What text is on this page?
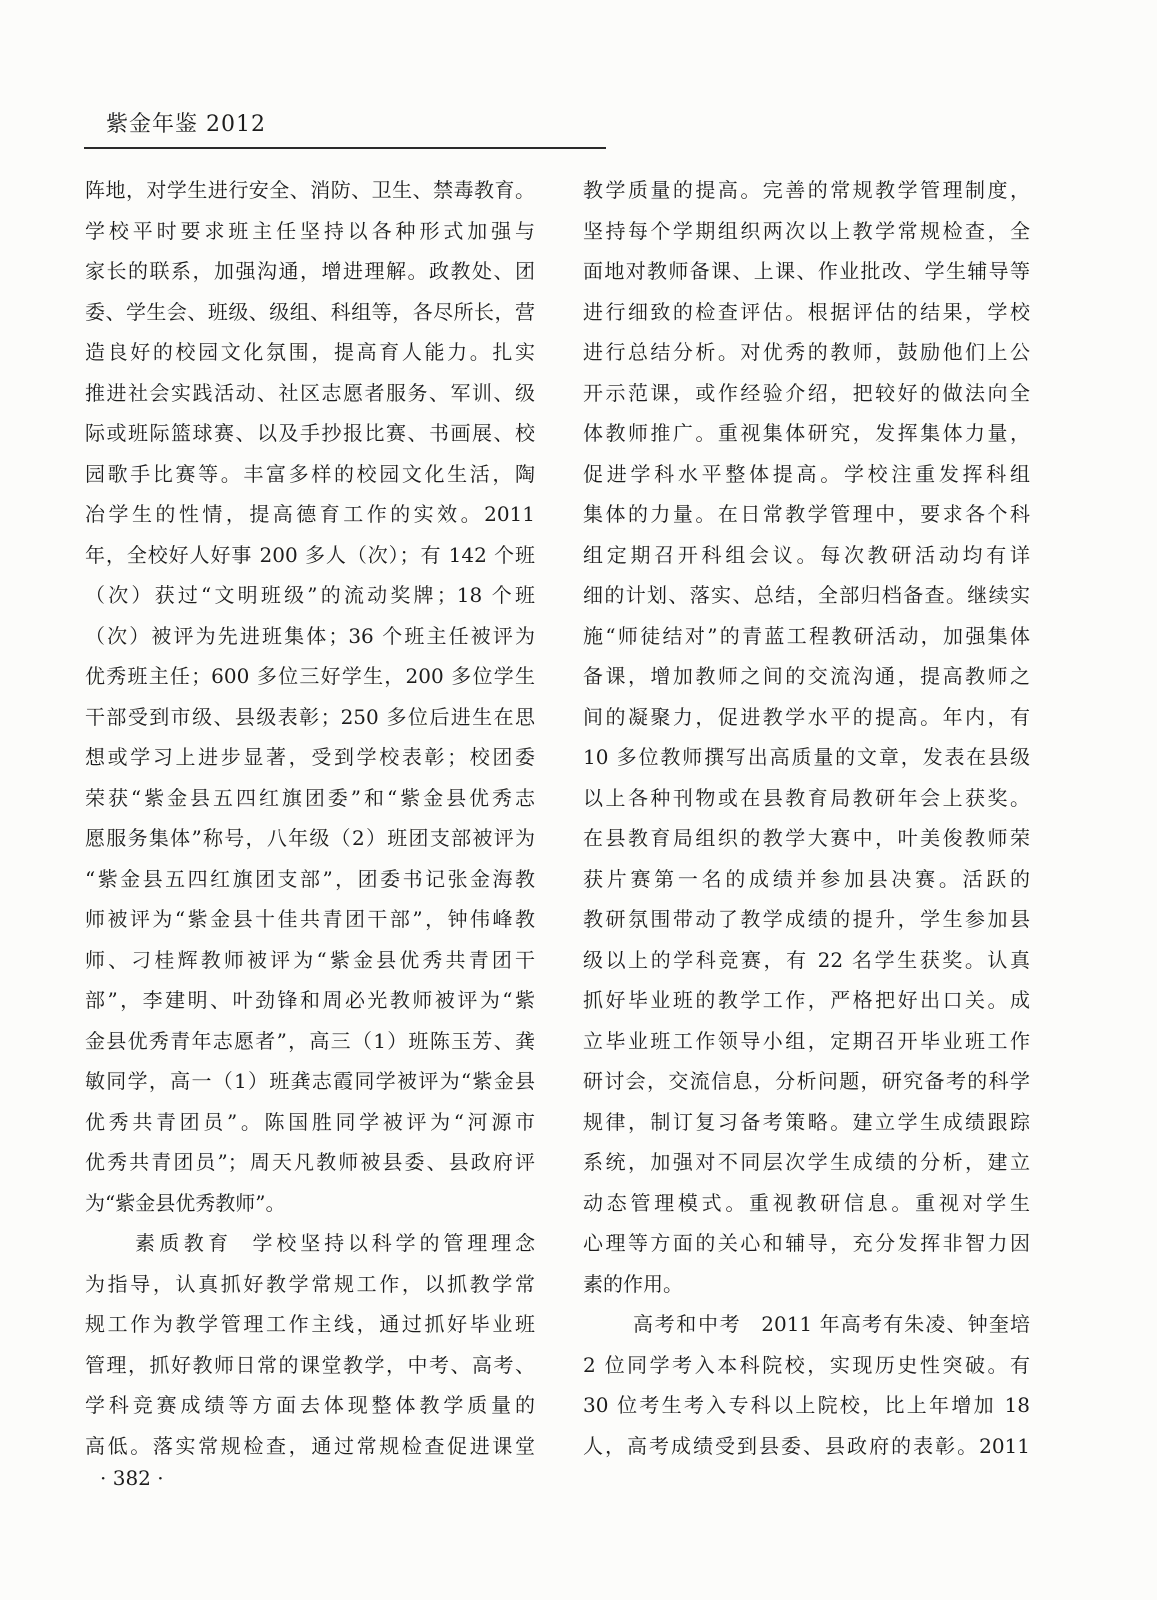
紫金年鉴 2012
阵地，对学生进行安全、消防、卫生、禁毒教育。
学校平时要求班主任坚持以各种形式加强与
家长的联系，加强沟通，增进理解。政教处、团
委、学生会、班级、级组、科组等，各尽所长，营
造良好的校园文化氛围，提高育人能力。扎实
推进社会实践活动、社区志愿者服务、军训、级
际或班际篮球赛、以及手抄报比赛、书画展、校
园歌手比赛等。丰富多样的校园文化生活，陶
冶学生的性情，提高德育工作的实效。2011
年，全校好人好事 200 多人（次）；有 142 个班
（次）获过“文明班级”的流动奖牌；18 个班
（次）被评为先进班集体；36 个班主任被评为
优秀班主任；600 多位三好学生，200 多位学生
干部受到市级、县级表彰；250 多位后进生在思
想或学习上进步显著，受到学校表彰；校团委
荣获“紫金县五四红旗团委”和“紫金县优秀志
愿服务集体”称号，八年级（2）班团支部被评为
“紫金县五四红旗团支部”，团委书记张金海教
师被评为“紫金县十佳共青团干部”，钟伟峰教
师、刁桂辉教师被评为“紫金县优秀共青团干
部”，李建明、叶劲锋和周必光教师被评为“紫
金县优秀青年志愿者”，高三（1）班陈玉芳、龚
敏同学，高一（1）班龚志霞同学被评为“紫金县
优秀共青团员”。陈国胜同学被评为“河源市
优秀共青团员”；周天凡教师被县委、县政府评
为“紫金县优秀教师”。
素质教育 学校坚持以科学的管理理念
为指导，认真抓好教学常规工作，以抓教学常
规工作为教学管理工作主线，通过抓好毕业班
管理，抓好教师日常的课堂教学，中考、高考、
学科竞赛成绩等方面去体现整体教学质量的
高低。落实常规检查，通过常规检查促进课堂
教学质量的提高。完善的常规教学管理制度，
坚持每个学期组织两次以上教学常规检查，全
面地对教师备课、上课、作业批改、学生辅导等
进行细致的检查评估。根据评估的结果，学校
进行总结分析。对优秀的教师，鼓励他们上公
开示范课，或作经验介绍，把较好的做法向全
体教师推广。重视集体研究，发挥集体力量，
促进学科水平整体提高。学校注重发挥科组
集体的力量。在日常教学管理中，要求各个科
组定期召开科组会议。每次教研活动均有详
细的计划、落实、总结，全部归档备查。继续实
施“师徒结对”的青蓝工程教研活动，加强集体
备课，增加教师之间的交流沟通，提高教师之
间的凝聚力，促进教学水平的提高。年内，有
10 多位教师撰写出高质量的文章，发表在县级
以上各种刊物或在县教育局教研年会上获奖。
在县教育局组织的教学大赛中，叶美俊教师荣
获片赛第一名的成绩并参加县决赛。活跃的
教研氛围带动了教学成绩的提升，学生参加县
级以上的学科竞赛，有 22 名学生获奖。认真
抓好毕业班的教学工作，严格把好出口关。成
立毕业班工作领导小组，定期召开毕业班工作
研讨会，交流信息，分析问题，研究备考的科学
规律，制订复习备考策略。建立学生成绩跟踪
系统，加强对不同层次学生成绩的分析，建立
动态管理模式。重视教研信息。重视对学生
心理等方面的关心和辅导，充分发挥非智力因
素的作用。
高考和中考 2011 年高考有朱凌、钟奎培
2 位同学考入本科院校，实现历史性突破。有
30 位考生考入专科以上院校，比上年增加 18
人，高考成绩受到县委、县政府的表彰。2011
· 382 ·
